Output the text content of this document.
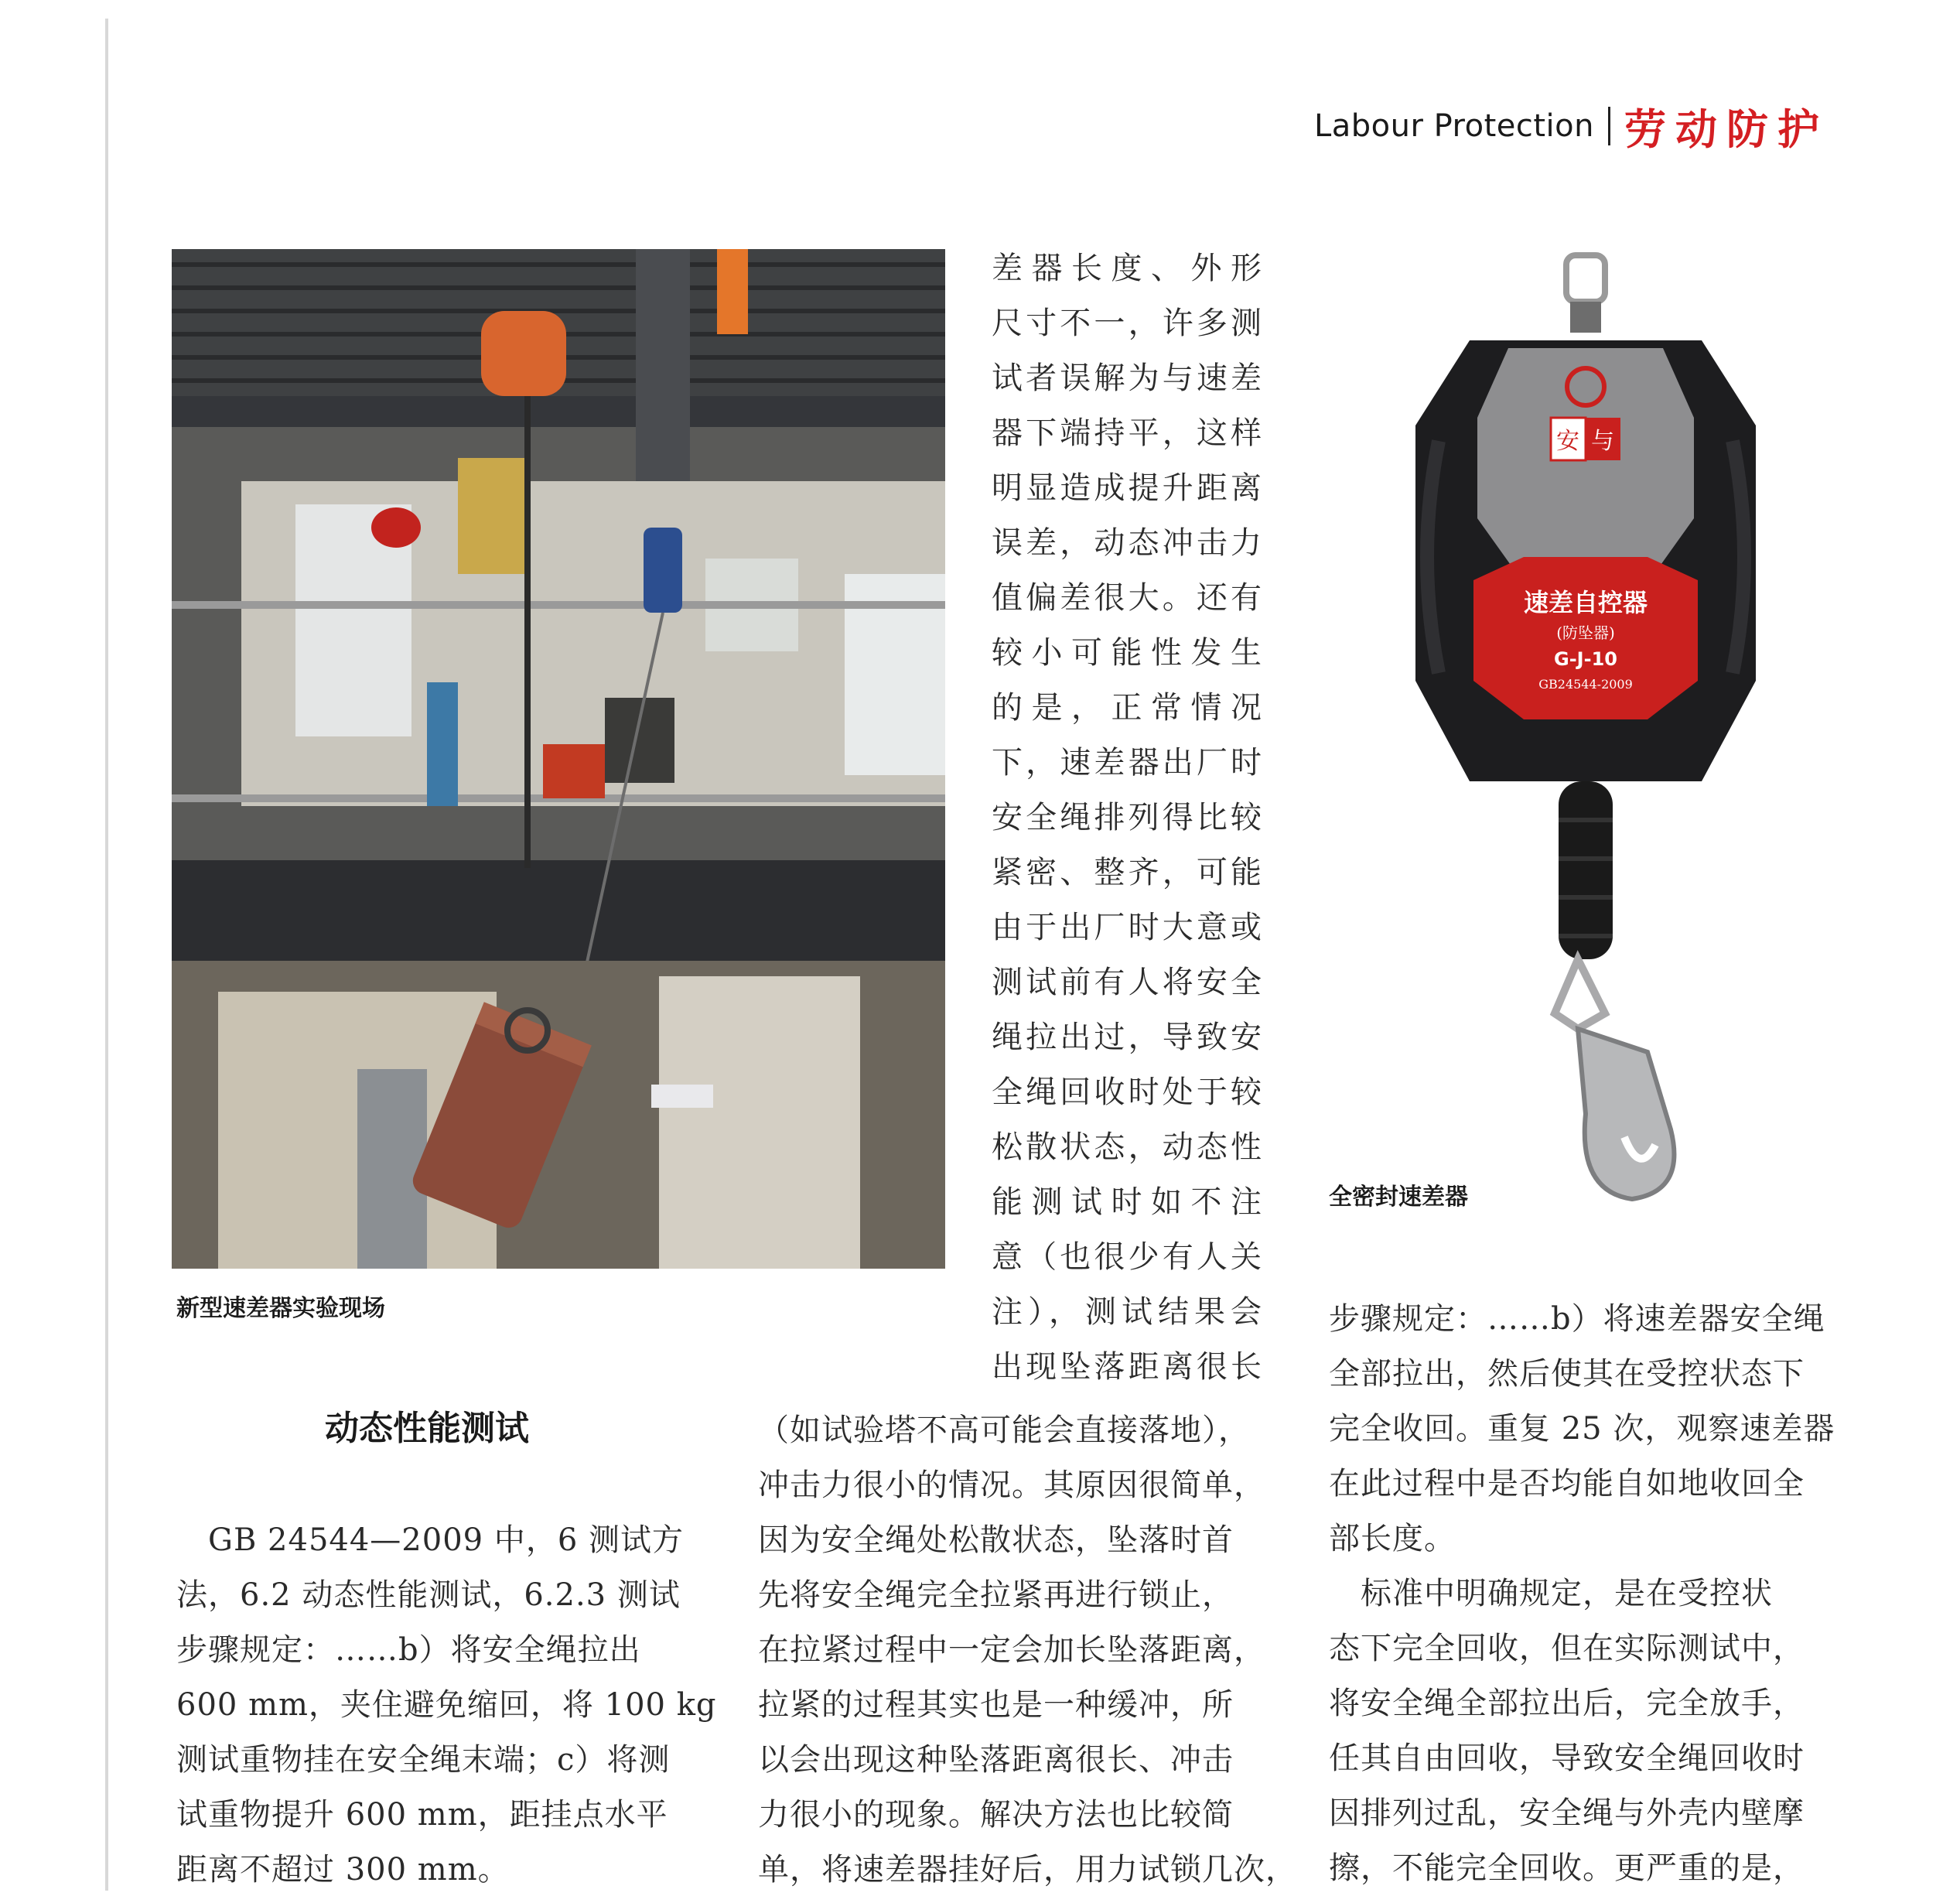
Labour Protection 劳动防护
新型速差器实验现场
安 与
速差自控器
(防坠器)
G-J-10
GB24544-2009
全密封速差器
动态性能测试

差器长度、外形

尺寸不一，许多测

试者误解为与速差

器下端持平，这样

明显造成提升距离

误差，动态冲击力

值偏差很大。还有

较小可能性发生

的是，正常情况

下，速差器出厂时

安全绳排列得比较

紧密、整齐，可能

由于出厂时大意或

测试前有人将安全

绳拉出过，导致安

全绳回收时处于较

松散状态，动态性

能测试时如不注

意（也很少有人关

注），测试结果会

出现坠落距离很长

　GB 24544—2009 中，6 测试方

法，6.2 动态性能测试，6.2.3 测试

步骤规定：……b）将安全绳拉出

600 mm，夹住避免缩回，将 100 kg

测试重物挂在安全绳末端；c）将测

试重物提升 600 mm，距挂点水平

距离不超过 300 mm。

（如试验塔不高可能会直接落地），

冲击力很小的情况。其原因很简单，

因为安全绳处松散状态，坠落时首

先将安全绳完全拉紧再进行锁止，

在拉紧过程中一定会加长坠落距离，

拉紧的过程其实也是一种缓冲，所

以会出现这种坠落距离很长、冲击

力很小的现象。解决方法也比较简

单，将速差器挂好后，用力试锁几次，

步骤规定：……b）将速差器安全绳

全部拉出，然后使其在受控状态下

完全收回。重复 25 次，观察速差器

在此过程中是否均能自如地收回全

部长度。

　标准中明确规定，是在受控状

态下完全回收，但在实际测试中，

将安全绳全部拉出后，完全放手，

任其自由回收，导致安全绳回收时

因排列过乱，安全绳与外壳内壁摩

擦，不能完全回收。更严重的是，
